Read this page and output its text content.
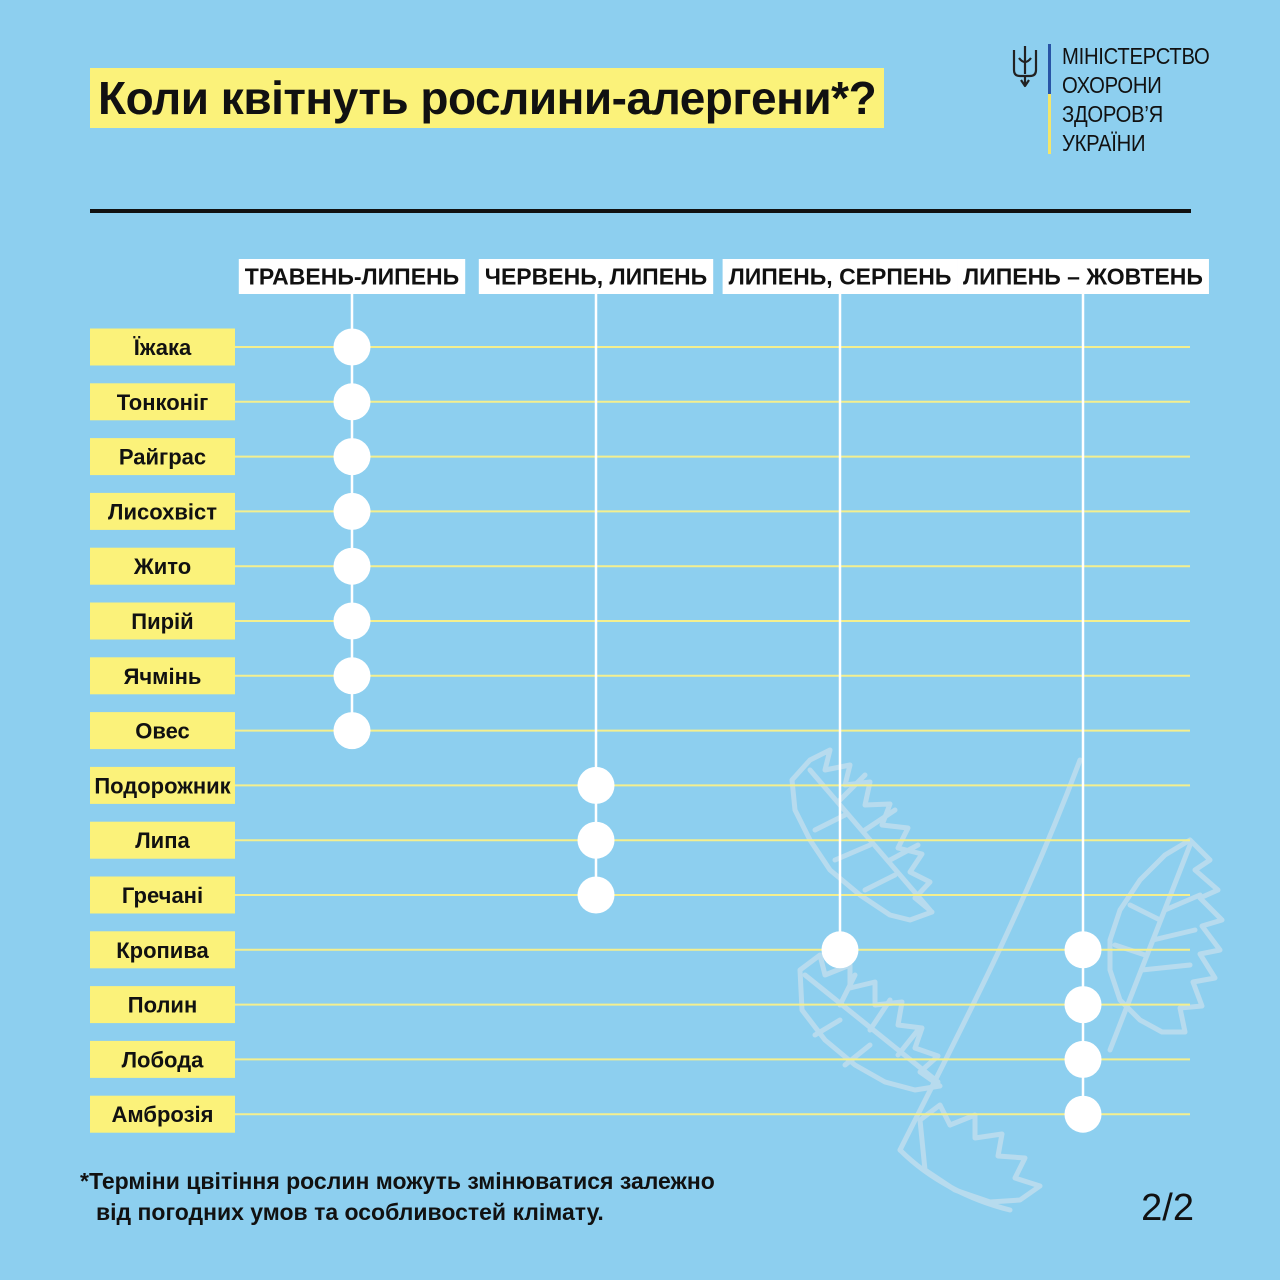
Коли квітнуть рослини-алергени*?
МІНІСТЕРСТВО
ОХОРОНИ
ЗДОРОВ’Я
УКРАЇНИ
ТРАВЕНЬ-ЛИПЕНЬ ЧЕРВЕНЬ, ЛИПЕНЬ ЛИПЕНЬ, СЕРПЕНЬ ЛИПЕНЬ – ЖОВТЕНЬ
Їжака
Тонконіг
Райграс
Лисохвіст
Жито
Пирій
Ячмінь
Овес
Подорожник
Липа
Гречані
Кропива
Полин
Лобода
Амброзія
*Терміни цвітіння рослин можуть змінюватися залежно
від погодних умов та особливостей клімату.	2/2
